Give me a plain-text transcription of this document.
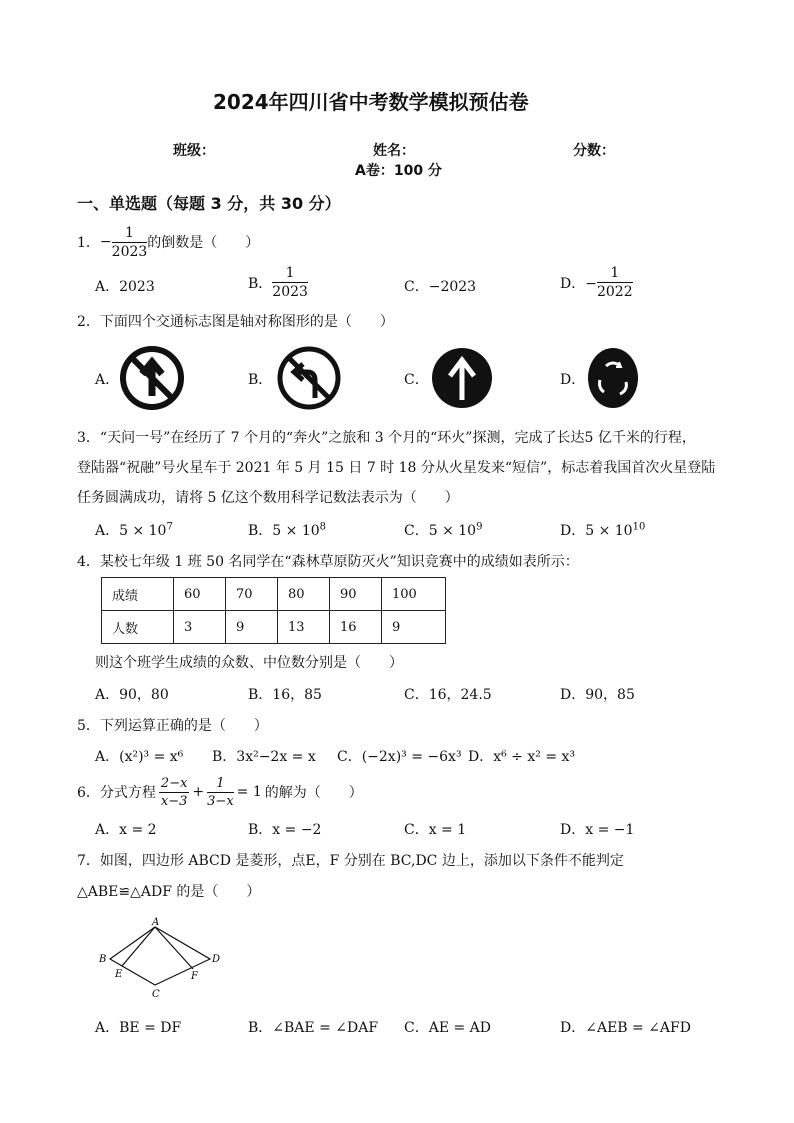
2024年四川省中考数学模拟预估卷
班级：	姓名：	分数：
A卷：100 分
一、单选题（每题 3 分，共 30 分）
1． − $\frac{1}{2023}$ 的倒数是（　　）
A．2023	B． $\frac{1}{2023}$	C．−2023	D．− $\frac{1}{2022}$
2．下面四个交通标志图是轴对称图形的是（　　）
A．	B．	C．	D．
3．“天问一号”在经历了 7 个月的“奔火”之旅和 3 个月的“环火”探测，完成了长达5 亿千米的行程，
登陆器“祝融”号火星车于 2021 年 5 月 15 日 7 时 18 分从火星发来“短信”，标志着我国首次火星登陆
任务圆满成功，请将 5 亿这个数用科学记数法表示为（　　）
A．$5 \times 10^7$	B．$5 \times 10^8$	C．$5 \times 10^9$	D．$5 \times 10^{10}$
4．某校七年级 1 班 50 名同学在“森林草原防灭火”知识竞赛中的成绩如表所示：
成绩	60	70	80	90	100
人数	3	9	13	16	9
则这个班学生成绩的众数、中位数分别是（　　）
A．90，80	B．16，85	C．16，24.5	D．90，85
5．下列运算正确的是（　　）
A．(x²)³ = x⁶ B．3x²−2x = x C．(−2x)³ = −6x³ D．x⁶ ÷ x² = x³
6．分式方程 $\frac{2-x}{x-3} + \frac{1}{3-x} = 1$ 的解为（　　）
A．x = 2	B．x = −2	C．x = 1	D．x = −1
7．如图，四边形 ABCD 是菱形，点E，F 分别在 BC,DC 边上，添加以下条件不能判定
△ABE≌△ADF 的是（　　）
A
B
C
D
E	F
A．BE = DF	B．∠BAE = ∠DAF C．AE = AD	D．∠AEB = ∠AFD
